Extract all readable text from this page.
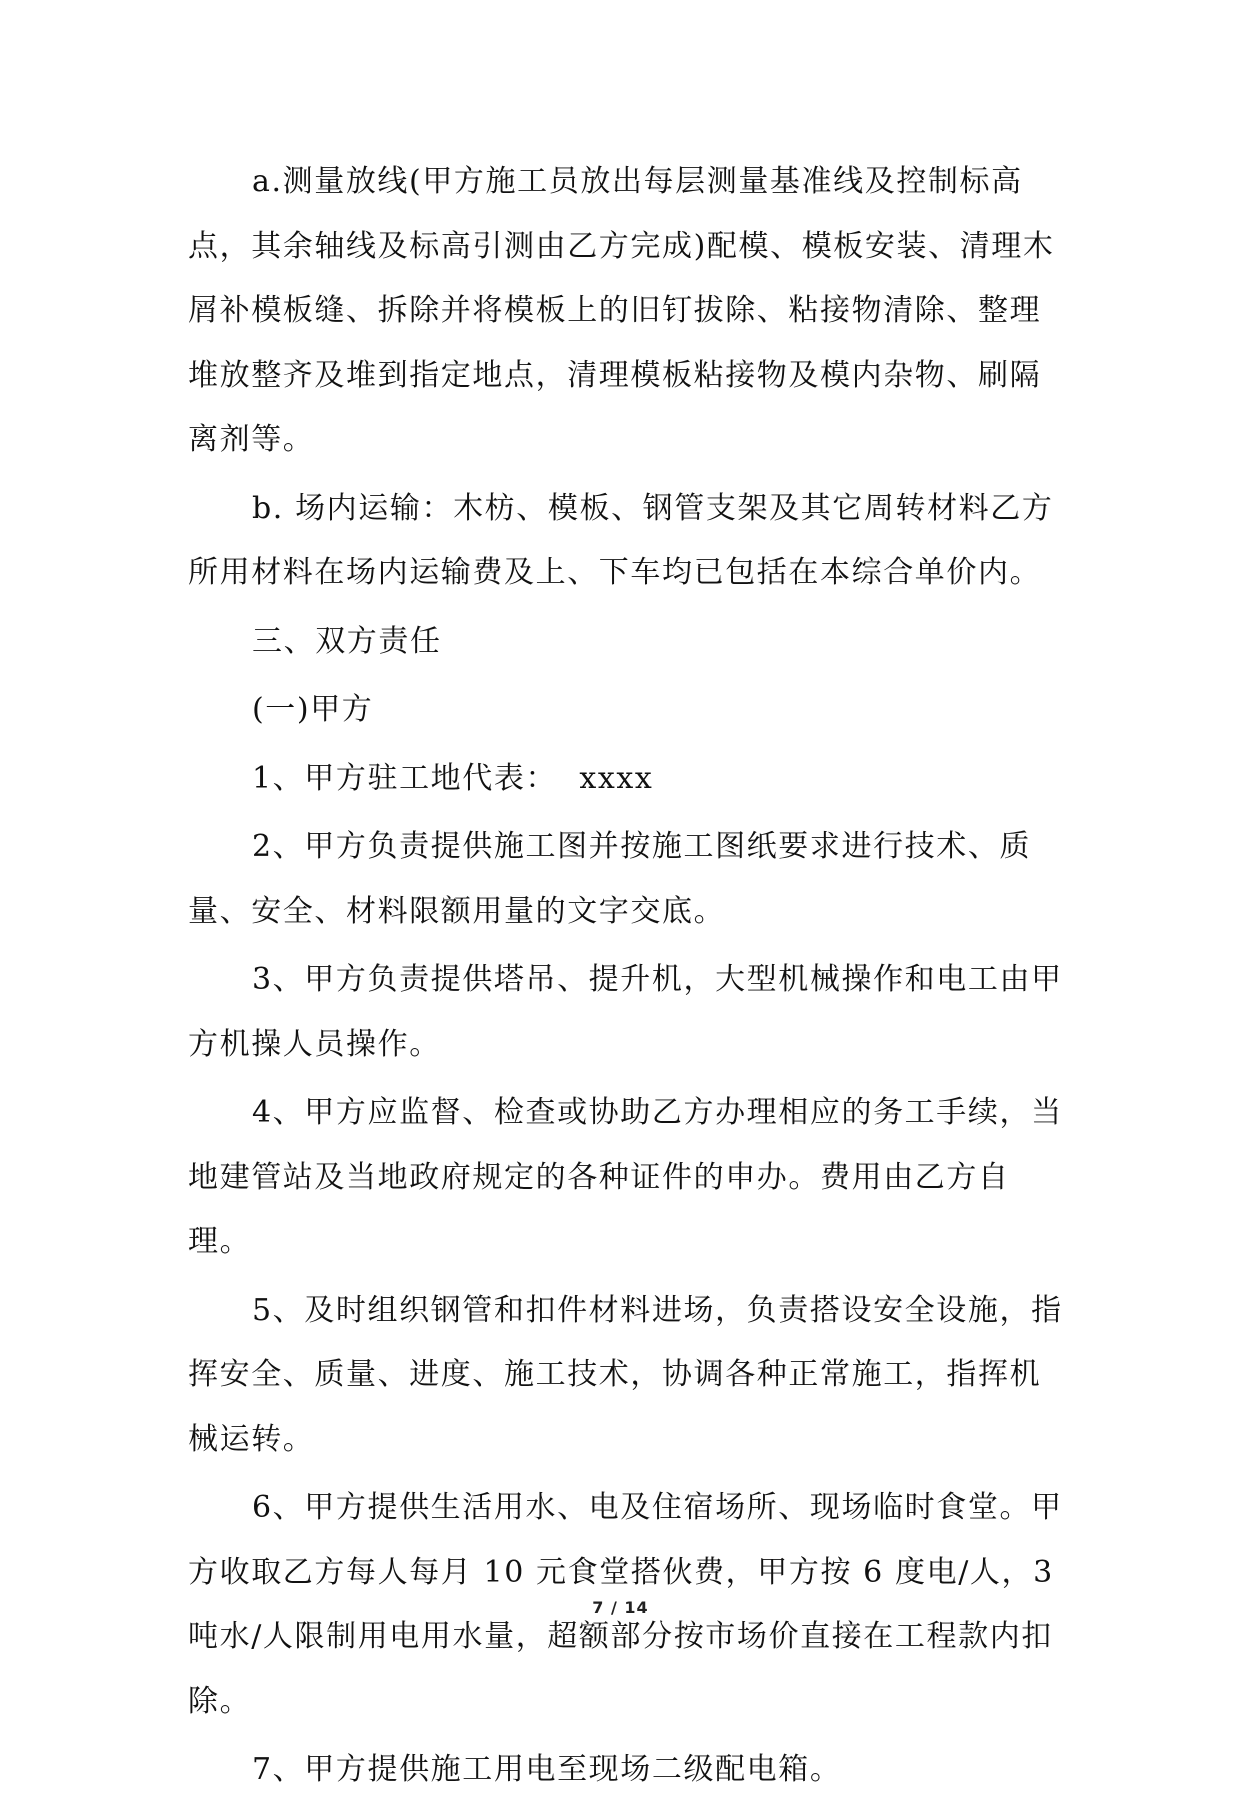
a.测量放线(甲方施工员放出每层测量基准线及控制标高点，其余轴线及标高引测由乙方完成)配模、模板安装、清理木屑补模板缝、拆除并将模板上的旧钉拔除、粘接物清除、整理堆放整齐及堆到指定地点，清理模板粘接物及模内杂物、刷隔离剂等。

b. 场内运输：木枋、模板、钢管支架及其它周转材料乙方所用材料在场内运输费及上、下车均已包括在本综合单价内。

三、双方责任

(一)甲方

1、甲方驻工地代表：  xxxx

2、甲方负责提供施工图并按施工图纸要求进行技术、质量、安全、材料限额用量的文字交底。

3、甲方负责提供塔吊、提升机，大型机械操作和电工由甲方机操人员操作。

4、甲方应监督、检查或协助乙方办理相应的务工手续，当地建管站及当地政府规定的各种证件的申办。费用由乙方自理。

5、及时组织钢管和扣件材料进场，负责搭设安全设施，指挥安全、质量、进度、施工技术，协调各种正常施工，指挥机械运转。

6、甲方提供生活用水、电及住宿场所、现场临时食堂。甲方收取乙方每人每月 10 元食堂搭伙费，甲方按 6 度电/人，3 吨水/人限制用电用水量，超额部分按市场价直接在工程款内扣除。

7、甲方提供施工用电至现场二级配电箱。

7 / 14
